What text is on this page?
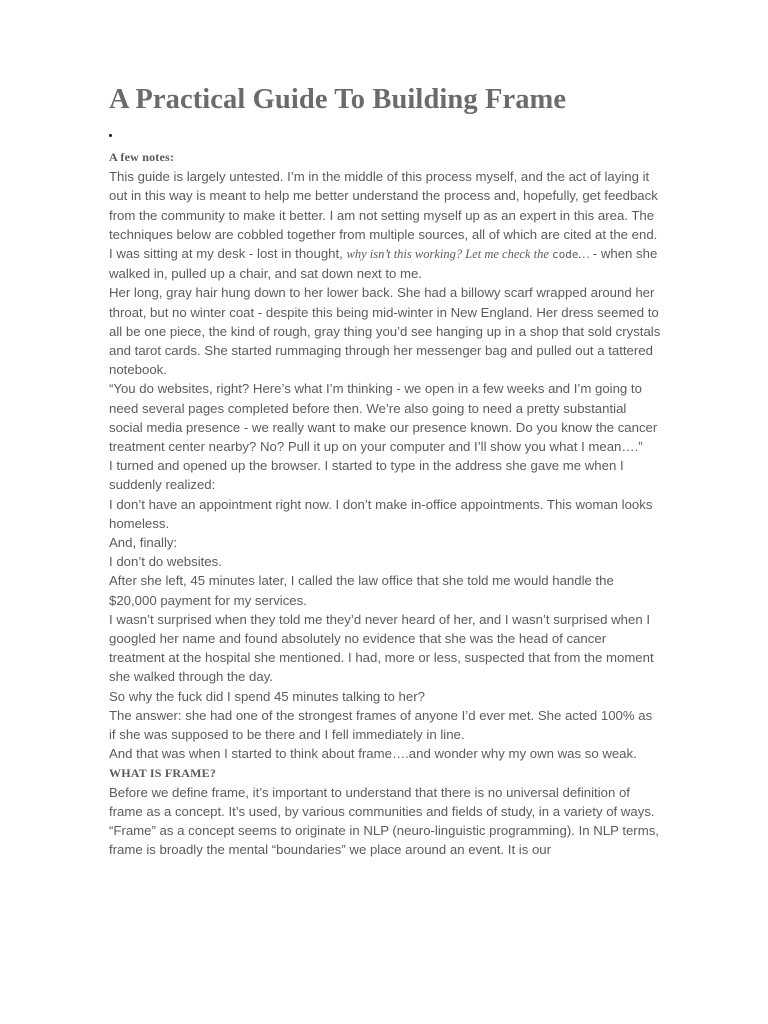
A Practical Guide To Building Frame

A few notes:

This guide is largely untested. I’m in the middle of this process myself, and the act of laying it out in this way is meant to help me better understand the process and, hopefully, get feedback from the community to make it better. I am not setting myself up as an expert in this area. The techniques below are cobbled together from multiple sources, all of which are cited at the end.

I was sitting at my desk - lost in thought, why isn’t this working? Let me check the code… - when she walked in, pulled up a chair, and sat down next to me.

Her long, gray hair hung down to her lower back. She had a billowy scarf wrapped around her throat, but no winter coat - despite this being mid-winter in New England. Her dress seemed to all be one piece, the kind of rough, gray thing you’d see hanging up in a shop that sold crystals and tarot cards. She started rummaging through her messenger bag and pulled out a tattered notebook.

“You do websites, right? Here’s what I’m thinking - we open in a few weeks and I’m going to need several pages completed before then. We’re also going to need a pretty substantial social media presence - we really want to make our presence known. Do you know the cancer treatment center nearby? No? Pull it up on your computer and I’ll show you what I mean….”

I turned and opened up the browser. I started to type in the address she gave me when I suddenly realized:

I don’t have an appointment right now. I don’t make in-office appointments. This woman looks homeless.

And, finally:

I don’t do websites.

After she left, 45 minutes later, I called the law office that she told me would handle the $20,000 payment for my services.

I wasn’t surprised when they told me they’d never heard of her, and I wasn’t surprised when I googled her name and found absolutely no evidence that she was the head of cancer treatment at the hospital she mentioned. I had, more or less, suspected that from the moment she walked through the day.

So why the fuck did I spend 45 minutes talking to her?

The answer: she had one of the strongest frames of anyone I’d ever met. She acted 100% as if she was supposed to be there and I fell immediately in line.

And that was when I started to think about frame….and wonder why my own was so weak.

WHAT IS FRAME?

Before we define frame, it’s important to understand that there is no universal definition of frame as a concept. It’s used, by various communities and fields of study, in a variety of ways.

“Frame” as a concept seems to originate in NLP (neuro-linguistic programming). In NLP terms, frame is broadly the mental “boundaries” we place around an event. It is our
